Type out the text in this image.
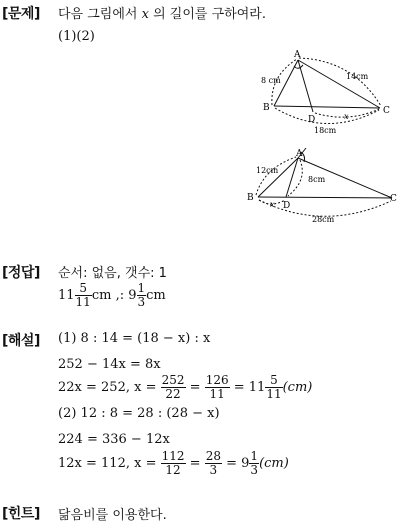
[문제] 다음 그림에서 x 의 길이를 구하여라.
(1)(2)
A
B	C
D
8 cm	14cm
18cm
x
A
B	C
D
12cm
8cm
28cm
x
[정답] 순서: 없음, 갯수: 1
$11 \frac{5}{11}$ cm ,: $9 \frac{1}{3}$ cm
[해설] (1) 8 : 14 = (18 − x) : x
252 − 14x = 8x
22x = 252, $x = \frac{252}{22} = \frac{126}{11} = 11 \frac{5}{11} (cm)$
(2) 12 : 8 = 28 : (28 − x)
224 = 336 − 12x
12x = 112, $x = \frac{112}{12} = \frac{28}{3} = 9 \frac{1}{3} (cm)$
[힌트] 닮음비를 이용한다.
